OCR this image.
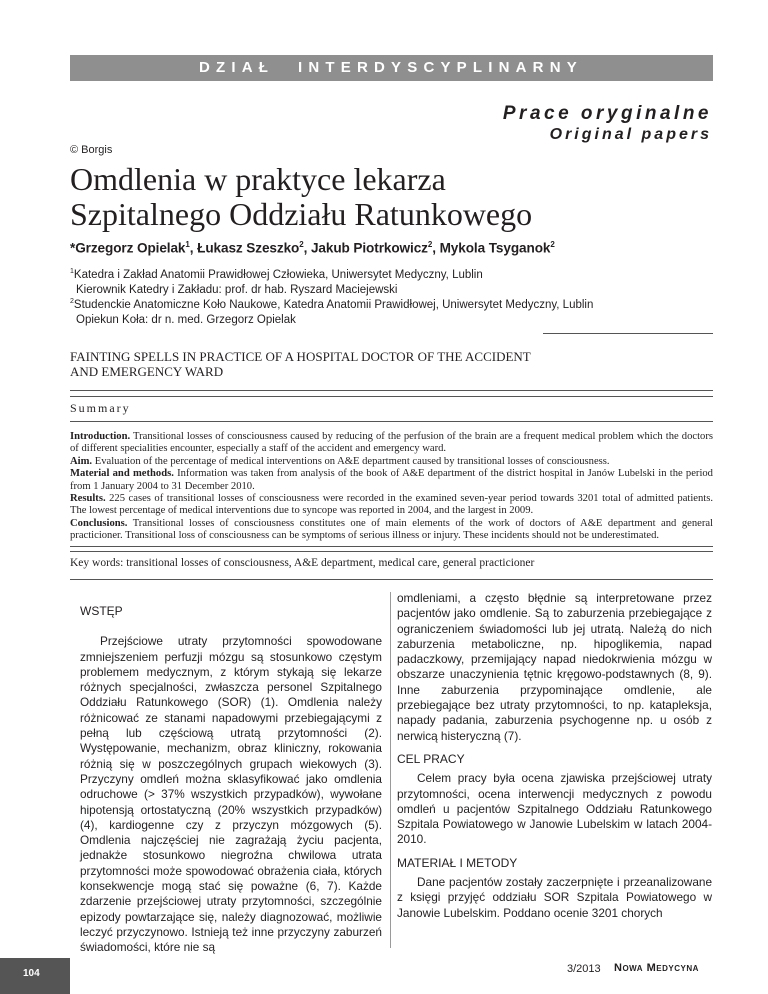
DZIAŁ INTERDYSCYPLINARNY
Prace oryginalne
Original papers
© Borgis
Omdlenia w praktyce lekarza
Szpitalnego Oddziału Ratunkowego
*Grzegorz Opielak$^1$, Łukasz Szeszko$^2$, Jakub Piotrkowicz$^2$, Mykola Tsyganok$^2$
$^1$Katedra i Zakład Anatomii Prawidłowej Człowieka, Uniwersytet Medyczny, Lublin
Kierownik Katedry i Zakładu: prof. dr hab. Ryszard Maciejewski
$^2$Studenckie Anatomiczne Koło Naukowe, Katedra Anatomii Prawidłowej, Uniwersytet Medyczny, Lublin
Opiekun Koła: dr n. med. Grzegorz Opielak
FAINTING SPELLS IN PRACTICE OF A HOSPITAL DOCTOR OF THE ACCIDENT
AND EMERGENCY WARD
Summary

Introduction. Transitional losses of consciousness caused by reducing of the perfusion of the brain are a frequent medical problem which the doctors of different specialities encounter, especially a staff of the accident and emergency ward.

Aim. Evaluation of the percentage of medical interventions on A&E department caused by transitional losses of consciousness.

Material and methods. Information was taken from analysis of the book of A&E department of the district hospital in Janów Lubelski in the period from 1 January 2004 to 31 December 2010.

Results. 225 cases of transitional losses of consciousness were recorded in the examined seven-year period towards 3201 total of admitted patients. The lowest percentage of medical interventions due to syncope was reported in 2004, and the largest in 2009.

Conclusions. Transitional losses of consciousness constitutes one of main elements of the work of doctors of A&E department and general practicioner. Transitional loss of consciousness can be symptoms of serious illness or injury. These incidents should not be underestimated.

Key words: transitional losses of consciousness, A&E department, medical care, general practicioner
WSTĘP

Przejściowe utraty przytomności spowodowane zmniejszeniem perfuzji mózgu są stosunkowo częstym problemem medycznym, z którym stykają się lekarze różnych specjalności, zwłaszcza personel Szpitalnego Oddziału Ratunkowego (SOR) (1). Omdlenia należy różnicować ze stanami napadowymi przebiegającymi z pełną lub częściową utratą przytomności (2). Występowanie, mechanizm, obraz kliniczny, rokowania różnią się w poszczególnych grupach wiekowych (3). Przyczyny omdleń można sklasyfikować jako omdlenia odruchowe (> 37% wszystkich przypadków), wywołane hipotensją ortostatyczną (20% wszystkich przypadków) (4), kardiogenne czy z przyczyn mózgowych (5). Omdlenia najczęściej nie zagrażają życiu pacjenta, jednakże stosunkowo niegroźna chwilowa utrata przytomności może spowodować obrażenia ciała, których konsekwencje mogą stać się poważne (6, 7). Każde zdarzenie przejściowej utraty przytomności, szczególnie epizody powtarzające się, należy diagnozować, możliwie leczyć przyczynowo. Istnieją też inne przyczyny zaburzeń świadomości, które nie są

omdleniami, a często błędnie są interpretowane przez pacjentów jako omdlenie. Są to zaburzenia przebiegające z ograniczeniem świadomości lub jej utratą. Należą do nich zaburzenia metaboliczne, np. hipoglikemia, napad padaczkowy, przemijający napad niedokrwienia mózgu w obszarze unaczynienia tętnic kręgowo-podstawnych (8, 9). Inne zaburzenia przypominające omdlenie, ale przebiegające bez utraty przytomności, to np. katapleksja, napady padania, zaburzenia psychogenne np. u osób z nerwicą histeryczną (7).

CEL PRACY

Celem pracy była ocena zjawiska przejściowej utraty przytomności, ocena interwencji medycznych z powodu omdleń u pacjentów Szpitalnego Oddziału Ratunkowego Szpitala Powiatowego w Janowie Lubelskim w latach 2004-2010.

MATERIAŁ I METODY

Dane pacjentów zostały zaczerpnięte i przeanalizowane z księgi przyjęć oddziału SOR Szpitala Powiatowego w Janowie Lubelskim. Poddano ocenie 3201 chorych

104	3/2013 Nowa Medycyna
